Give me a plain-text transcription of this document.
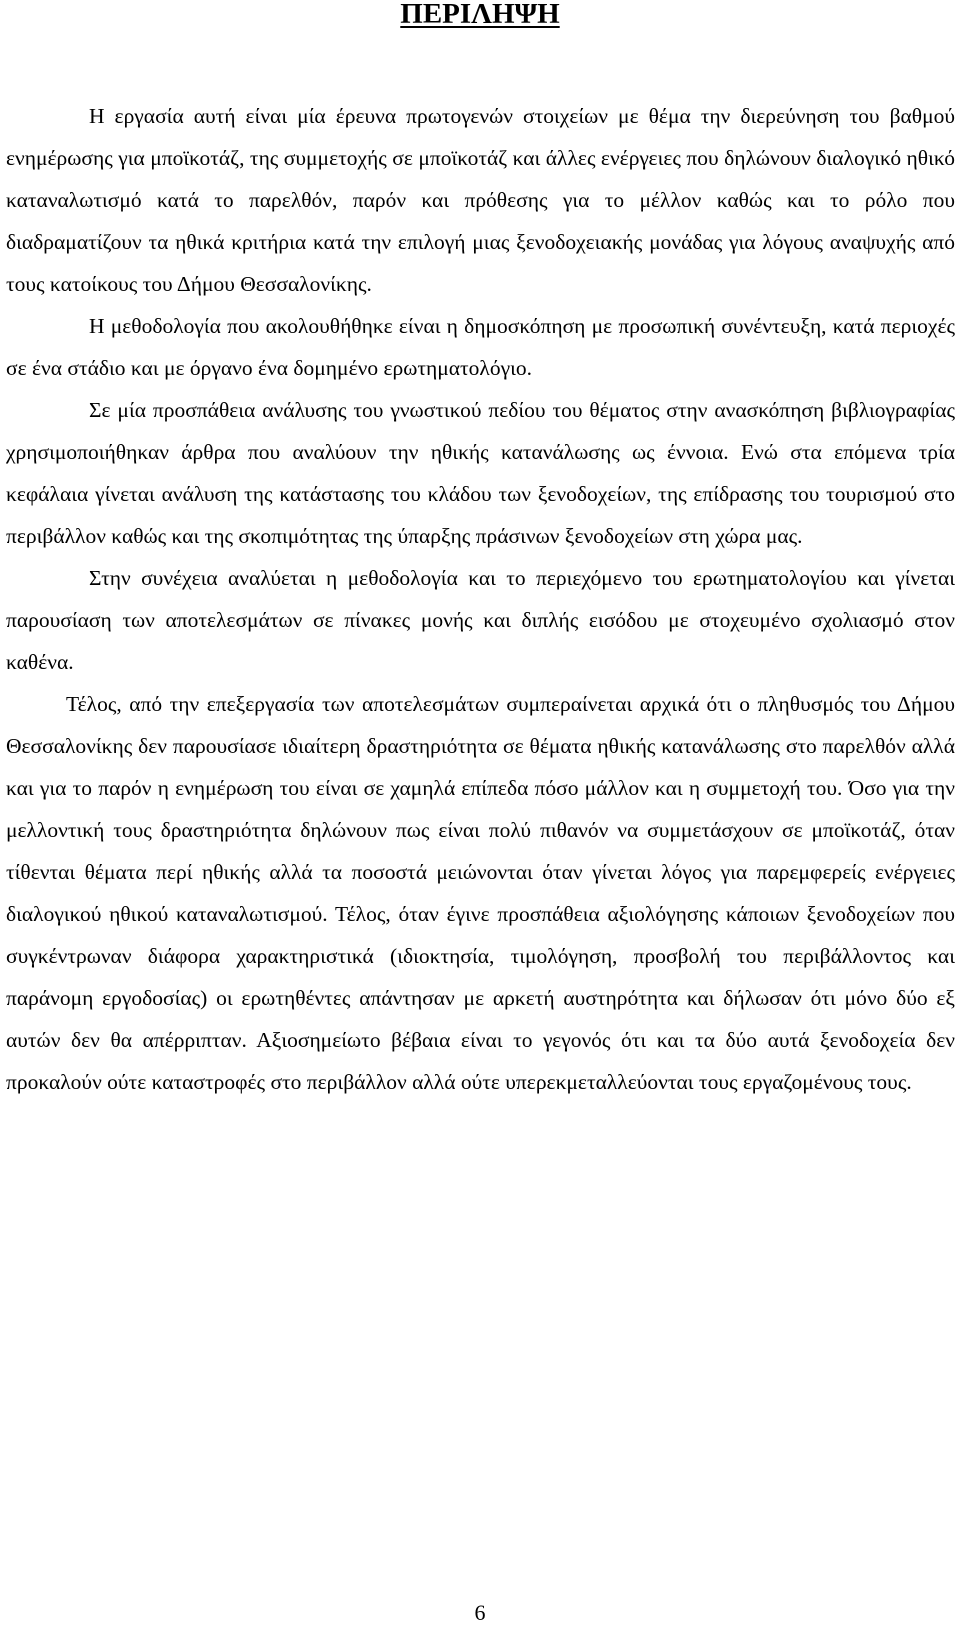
ΠΕΡΙΛΗΨΗ

Η εργασία αυτή είναι μία έρευνα πρωτογενών στοιχείων με θέμα την διερεύνηση του βαθμού ενημέρωσης για μποϊκοτάζ, της συμμετοχής σε μποϊκοτάζ και άλλες ενέργειες που δηλώνουν διαλογικό ηθικό καταναλωτισμό κατά το παρελθόν, παρόν και πρόθεσης για το μέλλον καθώς και το ρόλο που διαδραματίζουν τα ηθικά κριτήρια κατά την επιλογή μιας ξενοδοχειακής μονάδας για λόγους αναψυχής από τους κατοίκους του Δήμου Θεσσαλονίκης.

Η μεθοδολογία που ακολουθήθηκε είναι η δημοσκόπηση με προσωπική συνέντευξη, κατά περιοχές σε ένα στάδιο και με όργανο ένα δομημένο ερωτηματολόγιο.

Σε μία προσπάθεια ανάλυσης του γνωστικού πεδίου του θέματος στην ανασκόπηση βιβλιογραφίας χρησιμοποιήθηκαν άρθρα που αναλύουν την ηθικής κατανάλωσης ως έννοια. Ενώ στα επόμενα τρία κεφάλαια γίνεται ανάλυση της κατάστασης του κλάδου των ξενοδοχείων, της επίδρασης του τουρισμού στο περιβάλλον καθώς και της σκοπιμότητας της ύπαρξης πράσινων ξενοδοχείων στη χώρα μας.

Στην συνέχεια αναλύεται η μεθοδολογία και το περιεχόμενο του ερωτηματολογίου και γίνεται παρουσίαση των αποτελεσμάτων σε πίνακες μονής και διπλής εισόδου με στοχευμένο σχολιασμό στον καθένα.

Τέλος, από την επεξεργασία των αποτελεσμάτων συμπεραίνεται αρχικά ότι ο πληθυσμός του Δήμου Θεσσαλονίκης δεν παρουσίασε ιδιαίτερη δραστηριότητα σε θέματα ηθικής κατανάλωσης στο παρελθόν αλλά και για το παρόν η ενημέρωση του είναι σε χαμηλά επίπεδα πόσο μάλλον και η συμμετοχή του. Όσο για την μελλοντική τους δραστηριότητα δηλώνουν πως είναι πολύ πιθανόν να συμμετάσχουν σε μποϊκοτάζ, όταν τίθενται θέματα περί ηθικής αλλά τα ποσοστά μειώνονται όταν γίνεται λόγος για παρεμφερείς ενέργειες διαλογικού ηθικού καταναλωτισμού. Τέλος, όταν έγινε προσπάθεια αξιολόγησης κάποιων ξενοδοχείων που συγκέντρωναν διάφορα χαρακτηριστικά (ιδιοκτησία, τιμολόγηση, προσβολή του περιβάλλοντος και παράνομη εργοδοσίας) οι ερωτηθέντες απάντησαν με αρκετή αυστηρότητα και δήλωσαν ότι μόνο δύο εξ αυτών δεν θα απέρριπταν. Αξιοσημείωτο βέβαια είναι το γεγονός ότι και τα δύο αυτά ξενοδοχεία δεν προκαλούν ούτε καταστροφές στο περιβάλλον αλλά ούτε υπερεκμεταλλεύονται τους εργαζομένους τους.

6
